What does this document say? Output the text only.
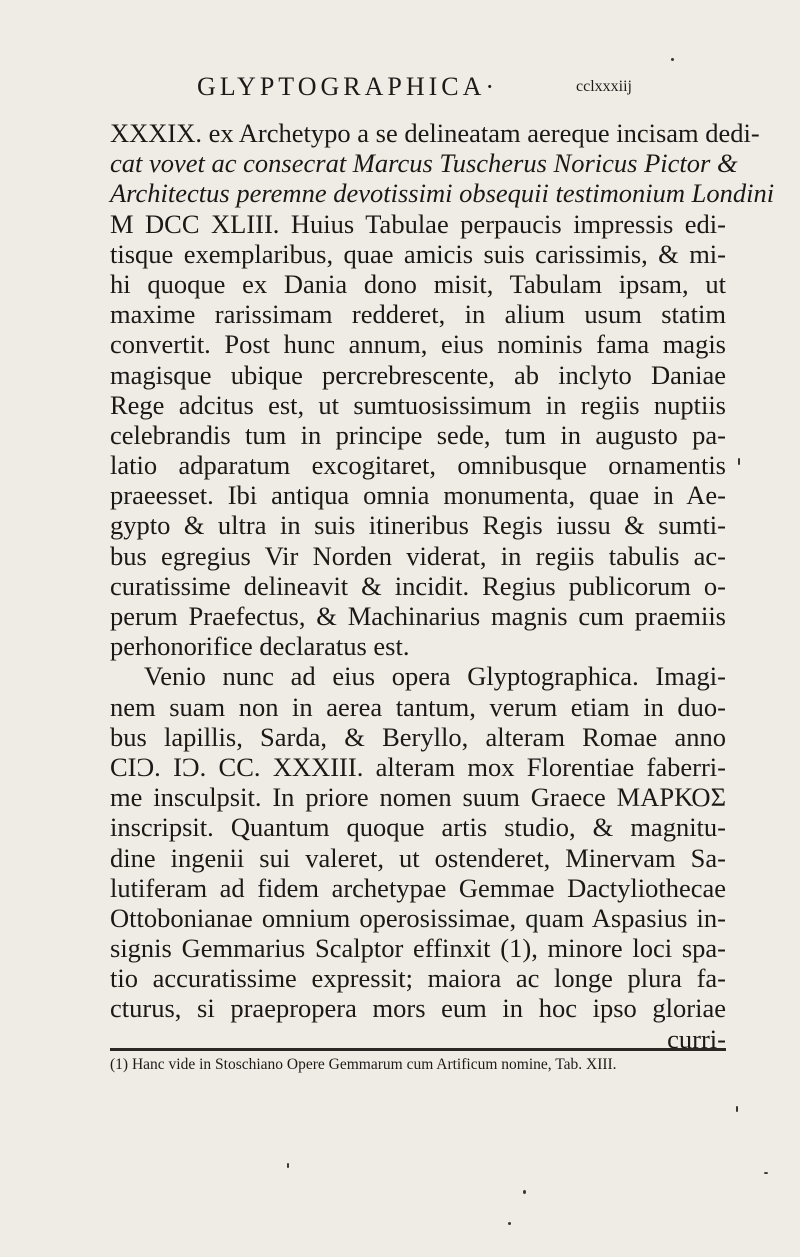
GLYPTOGRAPHICA·	cclxxxiij
XXXIX. ex Archetypo a se delineatam aereque incisam dedi-
cat vovet ac consecrat Marcus Tuscherus Noricus Pictor &
Architectus peremne devotissimi obsequii testimonium Londini
M DCC XLIII. Huius Tabulae perpaucis impressis edi-
tisque exemplaribus, quae amicis suis carissimis, & mi-
hi quoque ex Dania dono misit, Tabulam ipsam, ut
maxime rarissimam redderet, in alium usum statim
convertit. Post hunc annum, eius nominis fama magis
magisque ubique percrebrescente, ab inclyto Daniae
Rege adcitus est, ut sumtuosissimum in regiis nuptiis
celebrandis tum in principe sede, tum in augusto pa-
latio adparatum excogitaret, omnibusque ornamentis
praeesset. Ibi antiqua omnia monumenta, quae in Ae-
gypto & ultra in suis itineribus Regis iussu & sumti-
bus egregius Vir Norden viderat, in regiis tabulis ac-
curatissime delineavit & incidit. Regius publicorum o-
perum Praefectus, & Machinarius magnis cum praemiis
perhonorifice declaratus est.
Venio nunc ad eius opera Glyptographica. Imagi-
nem suam non in aerea tantum, verum etiam in duo-
bus lapillis, Sarda, & Beryllo, alteram Romae anno
CIƆ. IƆ. CC. XXXIII. alteram mox Florentiae faberri-
me insculpsit. In priore nomen suum Graece ΜΑΡΚΟΣ
inscripsit. Quantum quoque artis studio, & magnitu-
dine ingenii sui valeret, ut ostenderet, Minervam Sa-
lutiferam ad fidem archetypae Gemmae Dactyliothecae
Ottobonianae omnium operosissimae, quam Aspasius in-
signis Gemmarius Scalptor effinxit (1), minore loci spa-
tio accuratissime expressit; maiora ac longe plura fa-
cturus, si praepropera mors eum in hoc ipso gloriae
curri-
(1) Hanc vide in Stoschiano Opere Gemmarum cum Artificum nomine, Tab. XIII.
